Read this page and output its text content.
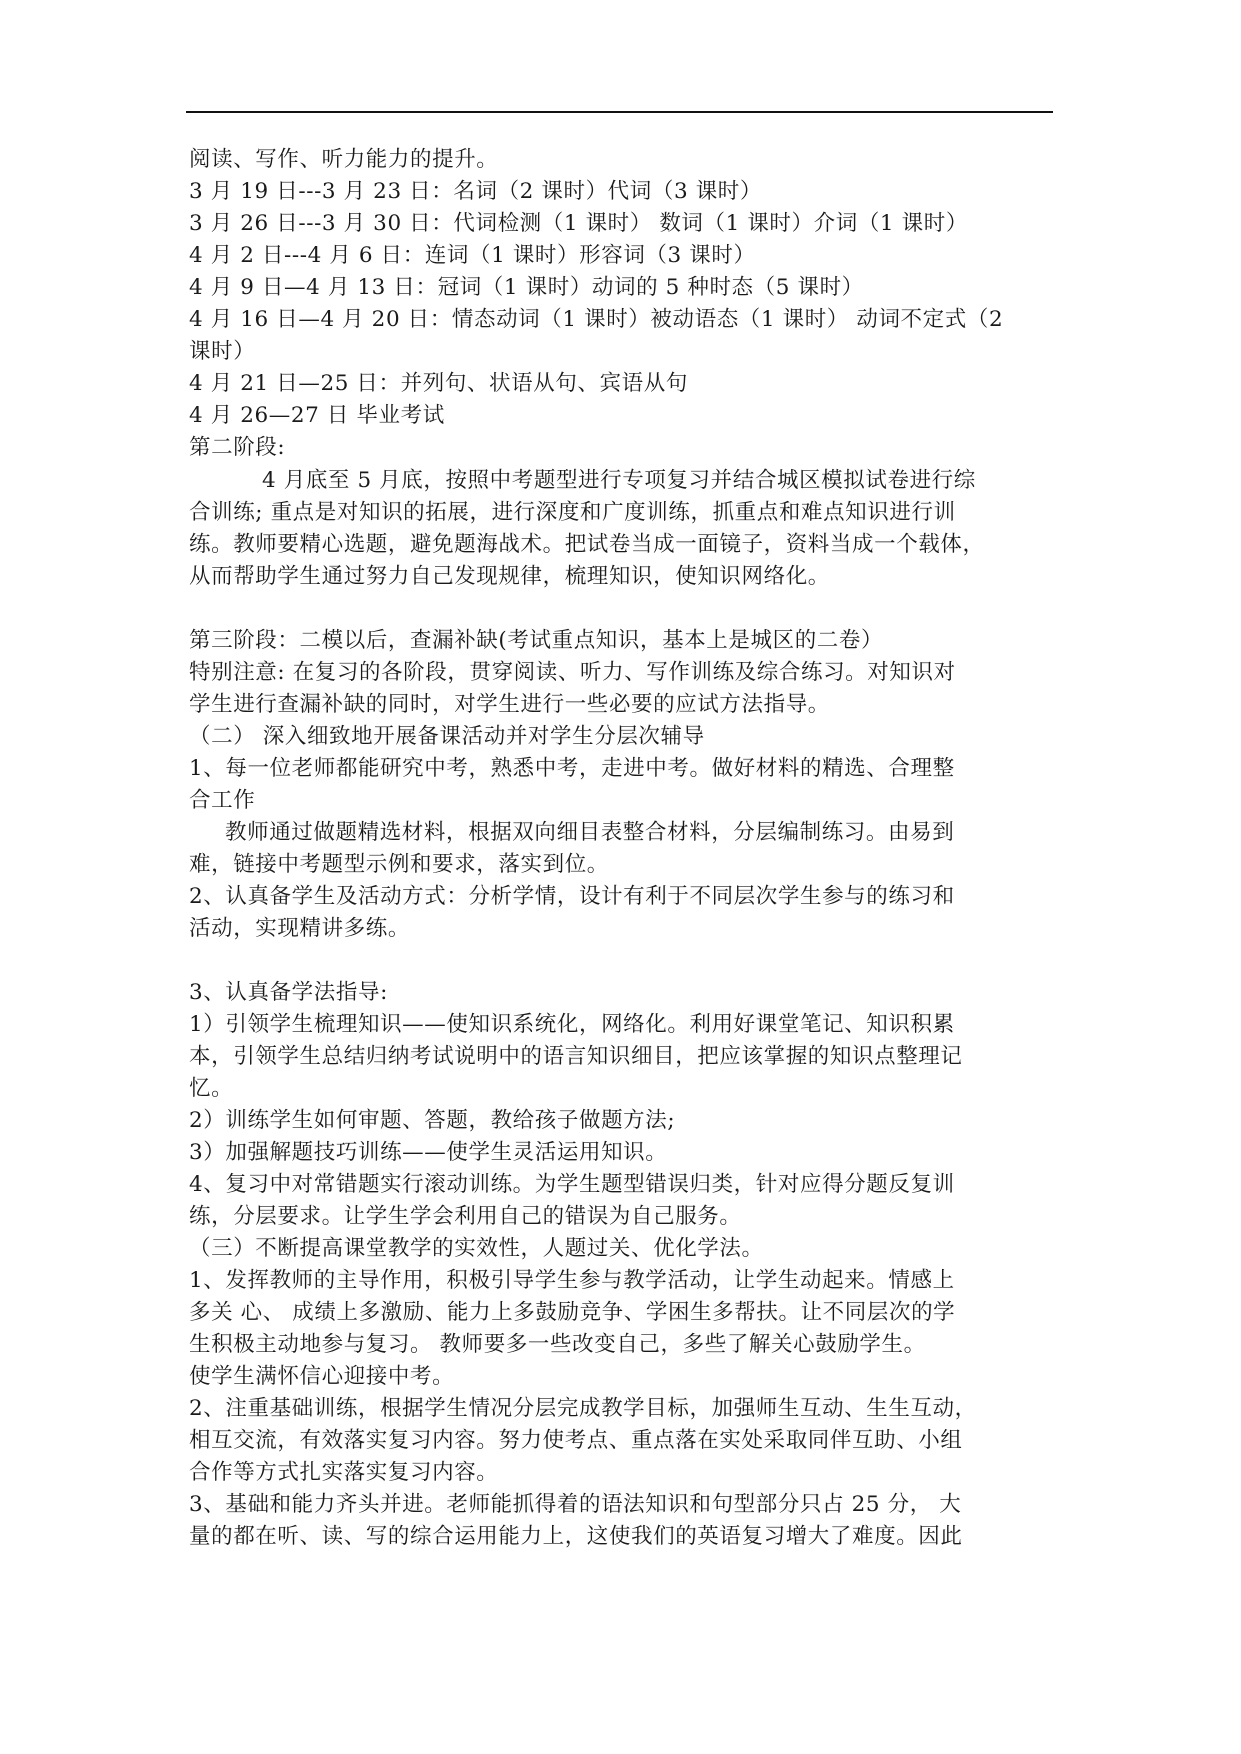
阅读、写作、听力能力的提升。
3 月 19 日---3 月 23 日：名词（2 课时）代词（3 课时）
3 月 26 日---3 月 30 日：代词检测（1 课时） 数词（1 课时）介词（1 课时）
4 月 2 日---4 月 6 日：连词（1 课时）形容词（3 课时）
4 月 9 日—4 月 13 日：冠词（1 课时）动词的 5 种时态（5 课时）
4 月 16 日—4 月 20 日：情态动词（1 课时）被动语态（1 课时） 动词不定式（2
课时）
4 月 21 日—25 日：并列句、状语从句、宾语从句
4 月 26—27 日 毕业考试
第二阶段:
4 月底至 5 月底，按照中考题型进行专项复习并结合城区模拟试卷进行综
合训练; 重点是对知识的拓展，进行深度和广度训练，抓重点和难点知识进行训
练。教师要精心选题，避免题海战术。把试卷当成一面镜子，资料当成一个载体，
从而帮助学生通过努力自己发现规律，梳理知识，使知识网络化。
第三阶段：二模以后，查漏补缺(考试重点知识，基本上是城区的二卷）
特别注意: 在复习的各阶段，贯穿阅读、听力、写作训练及综合练习。对知识对
学生进行查漏补缺的同时，对学生进行一些必要的应试方法指导。
（二） 深入细致地开展备课活动并对学生分层次辅导
1、每一位老师都能研究中考，熟悉中考，走进中考。做好材料的精选、合理整
合工作
教师通过做题精选材料，根据双向细目表整合材料，分层编制练习。由易到
难，链接中考题型示例和要求，落实到位。
2、认真备学生及活动方式：分析学情，设计有利于不同层次学生参与的练习和
活动，实现精讲多练。
3、认真备学法指导:
1）引领学生梳理知识——使知识系统化，网络化。利用好课堂笔记、知识积累
本，引领学生总结归纳考试说明中的语言知识细目，把应该掌握的知识点整理记
忆。
2）训练学生如何审题、答题，教给孩子做题方法;
3）加强解题技巧训练——使学生灵活运用知识。
4、复习中对常错题实行滚动训练。为学生题型错误归类，针对应得分题反复训
练，分层要求。让学生学会利用自己的错误为自己服务。
（三）不断提高课堂教学的实效性，人题过关、优化学法。
1、发挥教师的主导作用，积极引导学生参与教学活动，让学生动起来。情感上
多关 心、 成绩上多激励、能力上多鼓励竞争、学困生多帮扶。让不同层次的学
生积极主动地参与复习。 教师要多一些改变自己，多些了解关心鼓励学生。
使学生满怀信心迎接中考。
2、注重基础训练，根据学生情况分层完成教学目标，加强师生互动、生生互动，
相互交流，有效落实复习内容。努力使考点、重点落在实处采取同伴互助、小组
合作等方式扎实落实复习内容。
3、基础和能力齐头并进。老师能抓得着的语法知识和句型部分只占 25 分， 大
量的都在听、读、写的综合运用能力上，这使我们的英语复习增大了难度。因此
